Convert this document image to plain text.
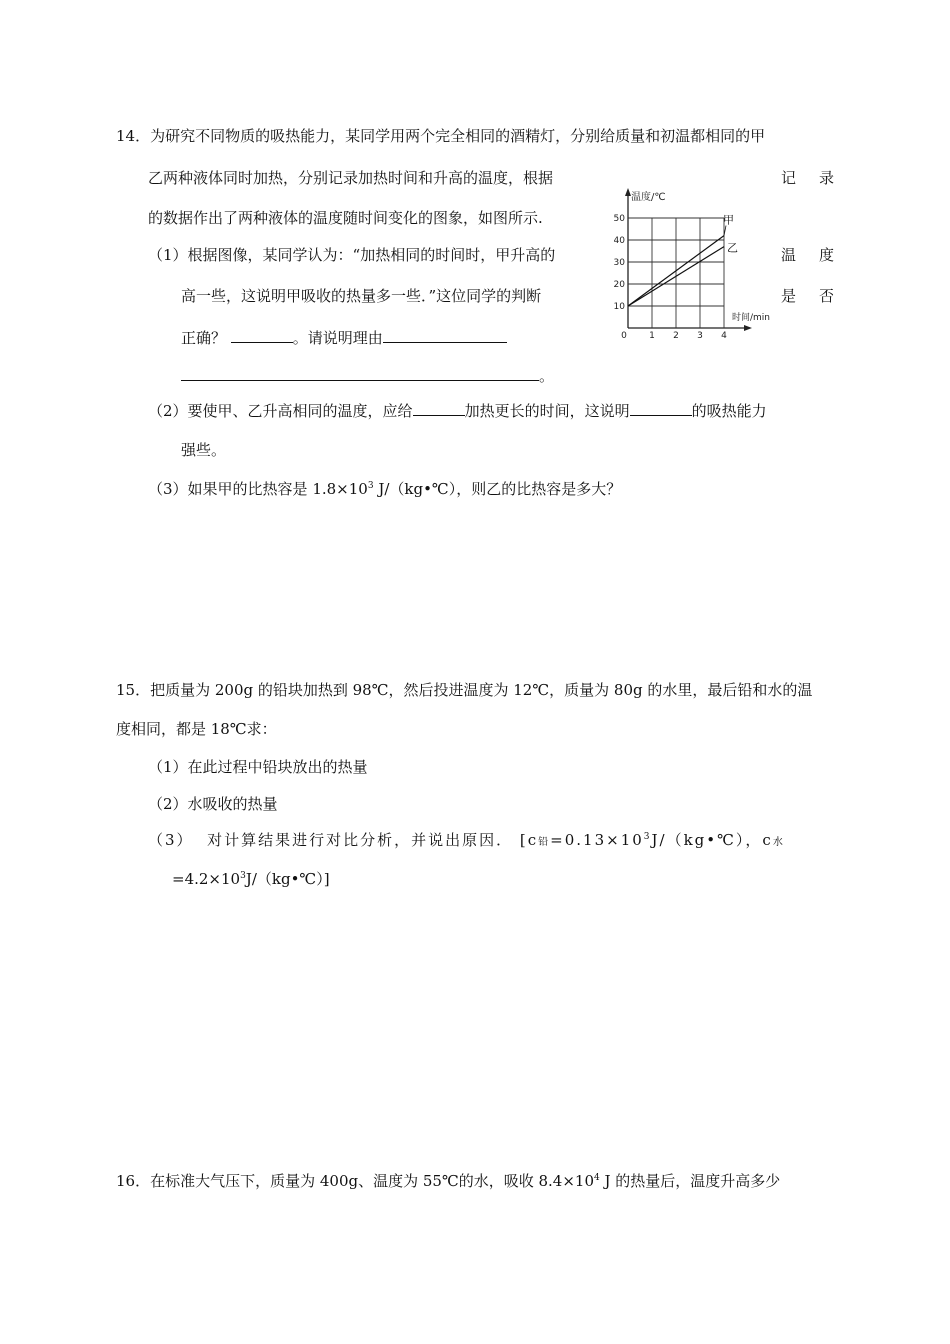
14．为研究不同物质的吸热能力，某同学用两个完全相同的酒精灯，分别给质量和初温都相同的甲
乙两种液体同时加热，分别记录加热时间和升高的温度，根据	记 录
的数据作出了两种液体的温度随时间变化的图象，如图所示.
（1）根据图像，某同学认为：“加热相同的时间时，甲升高的	温 度
高一些，这说明甲吸收的热量多一些．”这位同学的判断	是 否
正确？	。请说明理由
。
（2）要使甲、乙升高相同的温度，应给	加热更长的时间，这说明	的吸热能力
强些。
（3）如果甲的比热容是 $1.8\times 10^3$ J/（kg•℃），则乙的比热容是多大？
10
20
30
40
50
0 1 2 3 4
甲
乙
温度/℃
时间/min
15．把质量为 200g 的铅块加热到 98℃，然后投进温度为 12℃，质量为 80g 的水里，最后铅和水的温
度相同，都是 18℃求：
（1）在此过程中铅块放出的热量
（2）水吸收的热量
（3） 对计算结果进行对比分析，并说出原因． [c铅$=0.13\times 10^3J/(kg•℃)$，c水
$=4.2\times 10^3J/(kg•℃)$]
16．在标准大气压下，质量为 400g、温度为 55℃的水，吸收 $8.4\times 10^4$ J 的热量后，温度升高多少
